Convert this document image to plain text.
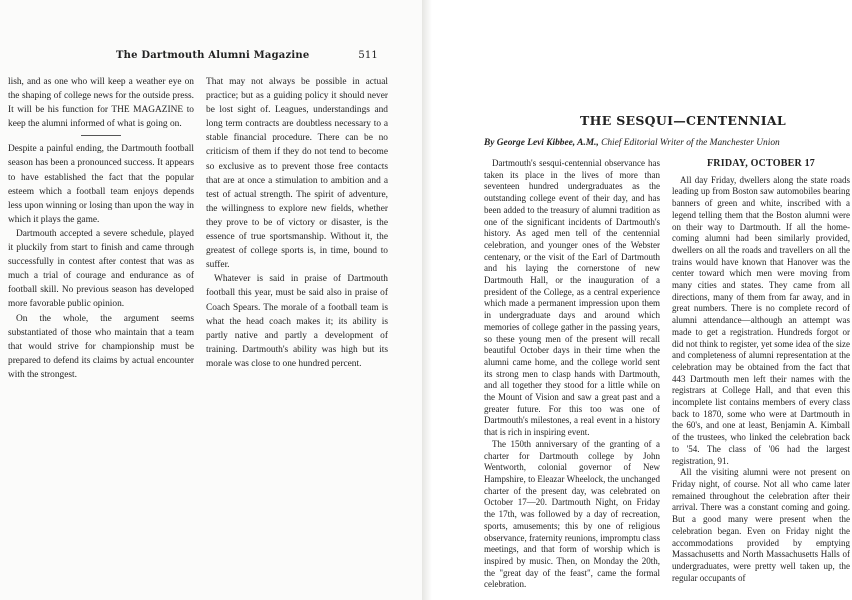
The Dartmouth Alumni Magazine	511

lish, and as one who will keep a weather eye on the shaping of college news for the outside press. It will be his function for THE MAGAZINE to keep the alumni informed of what is going on.

Despite a painful ending, the Dartmouth football season has been a pronounced success. It appears to have established the fact that the popular esteem which a football team enjoys depends less upon winning or losing than upon the way in which it plays the game.

Dartmouth accepted a severe schedule, played it pluckily from start to finish and came through successfully in contest after contest that was as much a trial of courage and endurance as of football skill. No previous season has developed more favorable public opinion.

On the whole, the argument seems substantiated of those who maintain that a team that would strive for championship must be prepared to defend its claims by actual encounter with the strongest.

That may not always be possible in actual practice; but as a guiding policy it should never be lost sight of. Leagues, understandings and long term contracts are doubtless necessary to a stable financial procedure. There can be no criticism of them if they do not tend to become so exclusive as to prevent those free contacts that are at once a stimulation to ambition and a test of actual strength. The spirit of adventure, the willingness to explore new fields, whether they prove to be of victory or disaster, is the essence of true sportsmanship. Without it, the greatest of college sports is, in time, bound to suffer.

Whatever is said in praise of Dartmouth football this year, must be said also in praise of Coach Spears. The morale of a football team is what the head coach makes it; its ability is partly native and partly a development of training. Dartmouth's ability was high but its morale was close to one hundred percent.

THE SESQUI—CENTENNIAL
By George Levi Kibbee, A.M., Chief Editorial Writer of the Manchester Union

Dartmouth's sesqui-centennial observance has taken its place in the lives of more than seventeen hundred undergraduates as the outstanding college event of their day, and has been added to the treasury of alumni tradition as one of the significant incidents of Dartmouth's history. As aged men tell of the centennial celebration, and younger ones of the Webster centenary, or the visit of the Earl of Dartmouth and his laying the cornerstone of new Dartmouth Hall, or the inauguration of a president of the College, as a central experience which made a permanent impression upon them in undergraduate days and around which memories of college gather in the passing years, so these young men of the present will recall beautiful October days in their time when the alumni came home, and the college world sent its strong men to clasp hands with Dartmouth, and all together they stood for a little while on the Mount of Vision and saw a great past and a greater future. For this too was one of Dartmouth's milestones, a real event in a history that is rich in inspiring event.

The 150th anniversary of the granting of a charter for Dartmouth college by John Wentworth, colonial governor of New Hampshire, to Eleazar Wheelock, the unchanged charter of the present day, was celebrated on October 17—20. Dartmouth Night, on Friday the 17th, was followed by a day of recreation, sports, amusements; this by one of religious observance, fraternity reunions, impromptu class meetings, and that form of worship which is inspired by music. Then, on Monday the 20th, the "great day of the feast", came the formal celebration.

FRIDAY, OCTOBER 17

All day Friday, dwellers along the state roads leading up from Boston saw automobiles bearing banners of green and white, inscribed with a legend telling them that the Boston alumni were on their way to Dartmouth. If all the home-coming alumni had been similarly provided, dwellers on all the roads and travellers on all the trains would have known that Hanover was the center toward which men were moving from many cities and states. They came from all directions, many of them from far away, and in great numbers. There is no complete record of alumni attendance—although an attempt was made to get a registration. Hundreds forgot or did not think to register, yet some idea of the size and completeness of alumni representation at the celebration may be obtained from the fact that 443 Dartmouth men left their names with the registrars at College Hall, and that even this incomplete list contains members of every class back to 1870, some who were at Dartmouth in the 60's, and one at least, Benjamin A. Kimball of the trustees, who linked the celebration back to '54. The class of '06 had the largest registration, 91.

All the visiting alumni were not present on Friday night, of course. Not all who came later remained throughout the celebration after their arrival. There was a constant coming and going. But a good many were present when the celebration began. Even on Friday night the accommodations provided by emptying Massachusetts and North Massachusetts Halls of undergraduates, were pretty well taken up, the regular occupants of
